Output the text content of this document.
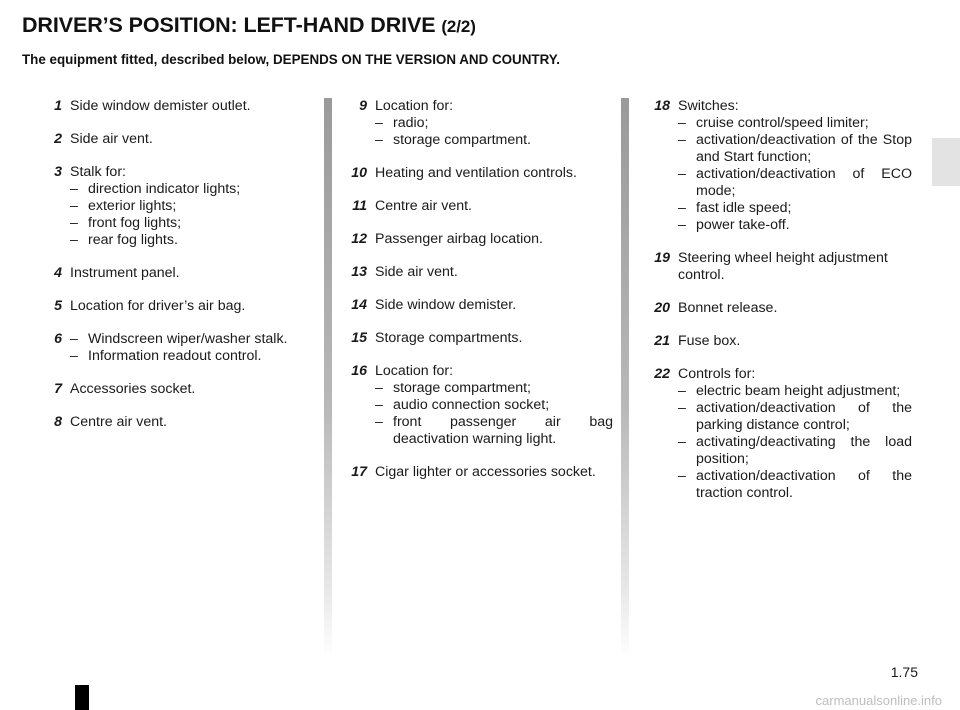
DRIVER’S POSITION: LEFT-HAND DRIVE (2/2)

The equipment fitted, described below, DEPENDS ON THE VERSION AND COUNTRY.

1 Side window demister outlet.
2 Side air vent.
3 Stalk for:
– direction indicator lights;
– exterior lights;
– front fog lights;
– rear fog lights.
4 Instrument panel.
5 Location for driver’s air bag.
6 – Windscreen wiper/washer stalk.
– Information readout control.
7 Accessories socket.
8 Centre air vent.
9 Location for:
– radio;
– storage compartment.
10 Heating and ventilation controls.
11 Centre air vent.
12 Passenger airbag location.
13 Side air vent.
14 Side window demister.
15 Storage compartments.
16 Location for:
– storage compartment;
– audio connection socket;
– front passenger air bag deactivation warning light.
17 Cigar lighter or accessories socket.
18 Switches:
– cruise control/speed limiter;
– activation/deactivation of the Stop and Start function;
– activation/deactivation of ECO mode;
– fast idle speed;
– power take-off.
19 Steering wheel height adjustment control.
20 Bonnet release.
21 Fuse box.
22 Controls for:
– electric beam height adjustment;
– activation/deactivation of the parking distance control;
– activating/deactivating the load position;
– activation/deactivation of the traction control.
1.75
carmanualsonline.info
